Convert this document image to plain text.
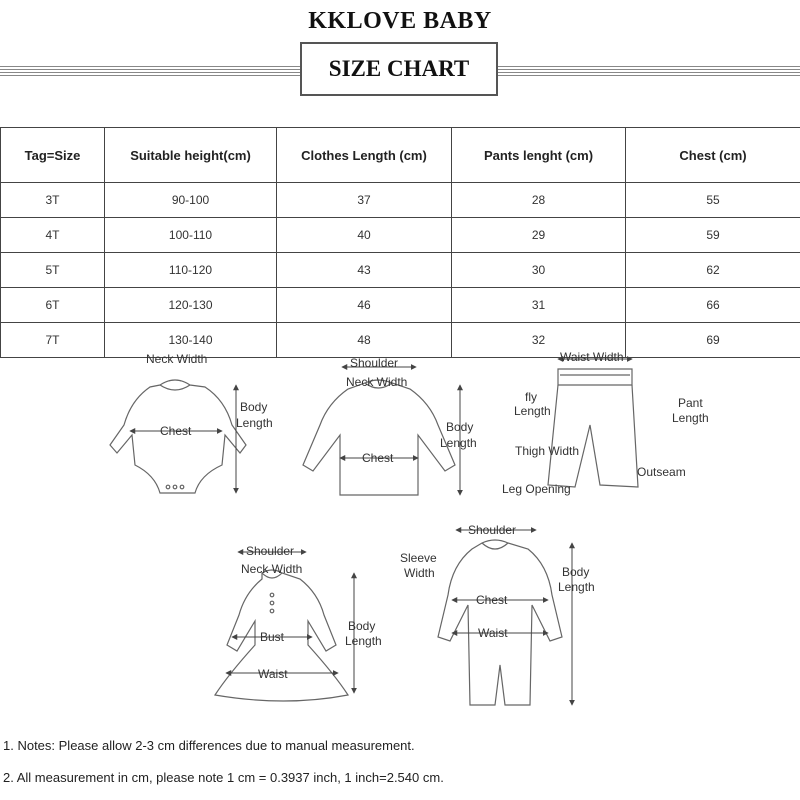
KKLOVE BABY
SIZE CHART
Tag=Size	Suitable height(cm)	Clothes Length (cm)	Pants lenght (cm)	Chest (cm)
3T	90-100	37	28	55
4T	100-110	40	29	59
5T	110-120	43	30	62
6T	120-130	46	31	66
7T	130-140	48	32	69
Neck Width
Body
Length
Chest
Shoulder
Neck Width
Body
Length
Chest
Waist Width
fly
Length
Pant
Length
Thigh Width
Outseam
Leg Opening
Shoulder
Neck Width
Bust
Waist
Body
Length
Shoulder
Sleeve
Width
Chest
Waist
Body
Length
1. Notes: Please allow 2-3 cm differences due to manual measurement.
2. All measurement in cm, please note 1 cm = 0.3937 inch, 1 inch=2.540 cm.
